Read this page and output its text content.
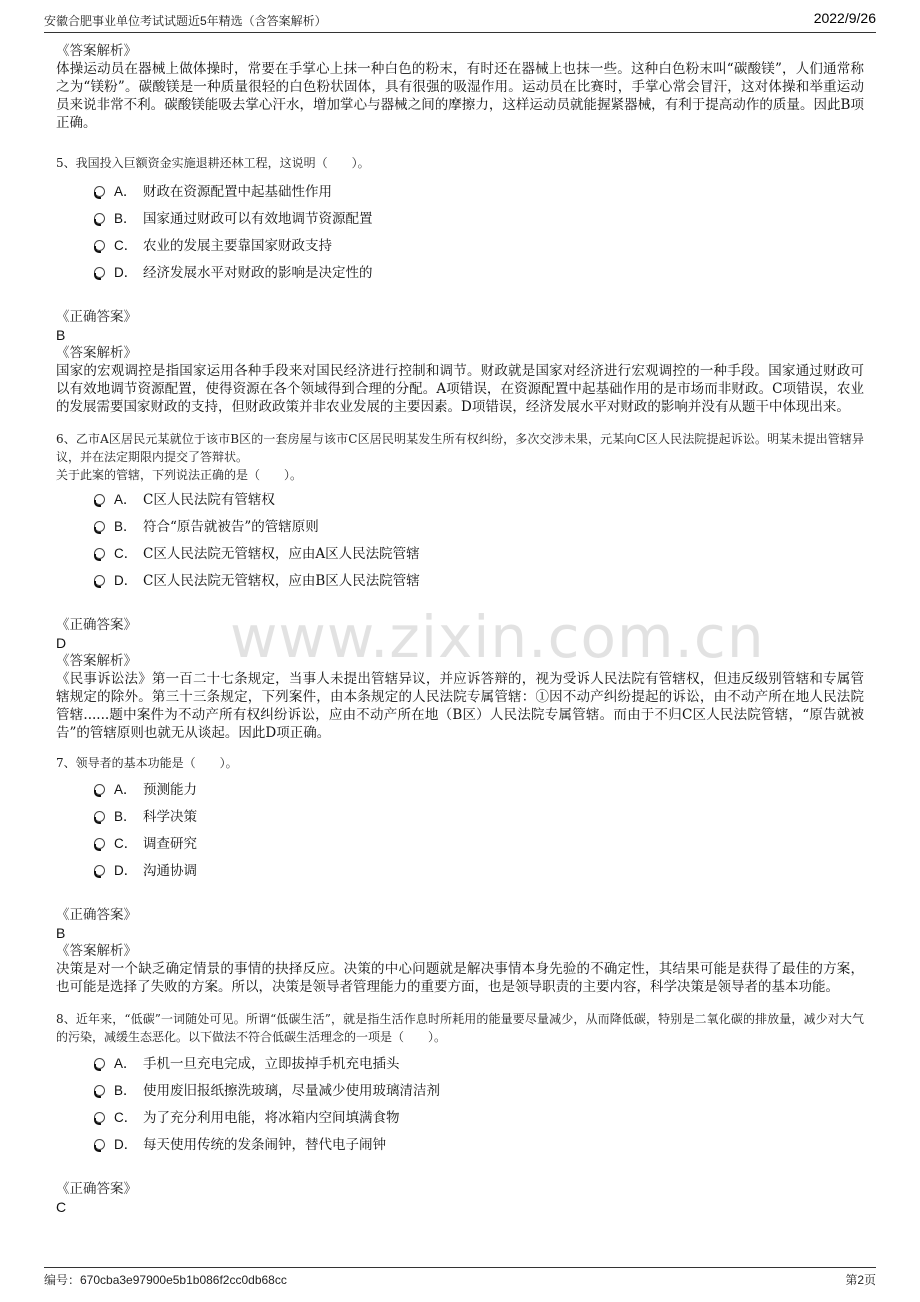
安徽合肥事业单位考试试题近5年精选（含答案解析）	2022/9/26
www.zixin.com.cn
《答案解析》
体操运动员在器械上做体操时，常要在手掌心上抹一种白色的粉末，有时还在器械上也抹一些。这种白色粉末叫“碳酸镁”，人们通常称之为“镁粉”。碳酸镁是一种质量很轻的白色粉状固体，具有很强的吸湿作用。运动员在比赛时，手掌心常会冒汗，这对体操和举重运动员来说非常不利。碳酸镁能吸去掌心汗水，增加掌心与器械之间的摩擦力，这样运动员就能握紧器械，有利于提高动作的质量。因此B项正确。
5、我国投入巨额资金实施退耕还林工程，这说明（　　）。
A． 财政在资源配置中起基础性作用
B． 国家通过财政可以有效地调节资源配置
C． 农业的发展主要靠国家财政支持
D． 经济发展水平对财政的影响是决定性的
《正确答案》
B
《答案解析》
国家的宏观调控是指国家运用各种手段来对国民经济进行控制和调节。财政就是国家对经济进行宏观调控的一种手段。国家通过财政可以有效地调节资源配置，使得资源在各个领域得到合理的分配。A项错误，在资源配置中起基础作用的是市场而非财政。C项错误，农业的发展需要国家财政的支持，但财政政策并非农业发展的主要因素。D项错误，经济发展水平对财政的影响并没有从题干中体现出来。
6、乙市A区居民元某就位于该市B区的一套房屋与该市C区居民明某发生所有权纠纷，多次交涉未果，元某向C区人民法院提起诉讼。明某未提出管辖异议，并在法定期限内提交了答辩状。
关于此案的管辖，下列说法正确的是（　　）。
A． C区人民法院有管辖权
B． 符合“原告就被告”的管辖原则
C． C区人民法院无管辖权，应由A区人民法院管辖
D． C区人民法院无管辖权，应由B区人民法院管辖
《正确答案》
D
《答案解析》
《民事诉讼法》第一百二十七条规定，当事人未提出管辖异议，并应诉答辩的，视为受诉人民法院有管辖权，但违反级别管辖和专属管辖规定的除外。第三十三条规定，下列案件，由本条规定的人民法院专属管辖：①因不动产纠纷提起的诉讼，由不动产所在地人民法院管辖......题中案件为不动产所有权纠纷诉讼，应由不动产所在地（B区）人民法院专属管辖。而由于不归C区人民法院管辖，“原告就被告”的管辖原则也就无从谈起。因此D项正确。
7、领导者的基本功能是（　　）。
A． 预测能力
B． 科学决策
C． 调查研究
D． 沟通协调
《正确答案》
B
《答案解析》
决策是对一个缺乏确定情景的事情的抉择反应。决策的中心问题就是解决事情本身先验的不确定性，其结果可能是获得了最佳的方案，也可能是选择了失败的方案。所以，决策是领导者管理能力的重要方面，也是领导职责的主要内容，科学决策是领导者的基本功能。
8、近年来，“低碳”一词随处可见。所谓“低碳生活”，就是指生活作息时所耗用的能量要尽量减少，从而降低碳，特别是二氧化碳的排放量，减少对大气的污染，减缓生态恶化。以下做法不符合低碳生活理念的一项是（　　）。
A． 手机一旦充电完成，立即拔掉手机充电插头
B． 使用废旧报纸擦洗玻璃，尽量减少使用玻璃清洁剂
C． 为了充分利用电能，将冰箱内空间填满食物
D． 每天使用传统的发条闹钟，替代电子闹钟
《正确答案》
C
编号：670cba3e97900e5b1b086f2cc0db68cc	第2页
